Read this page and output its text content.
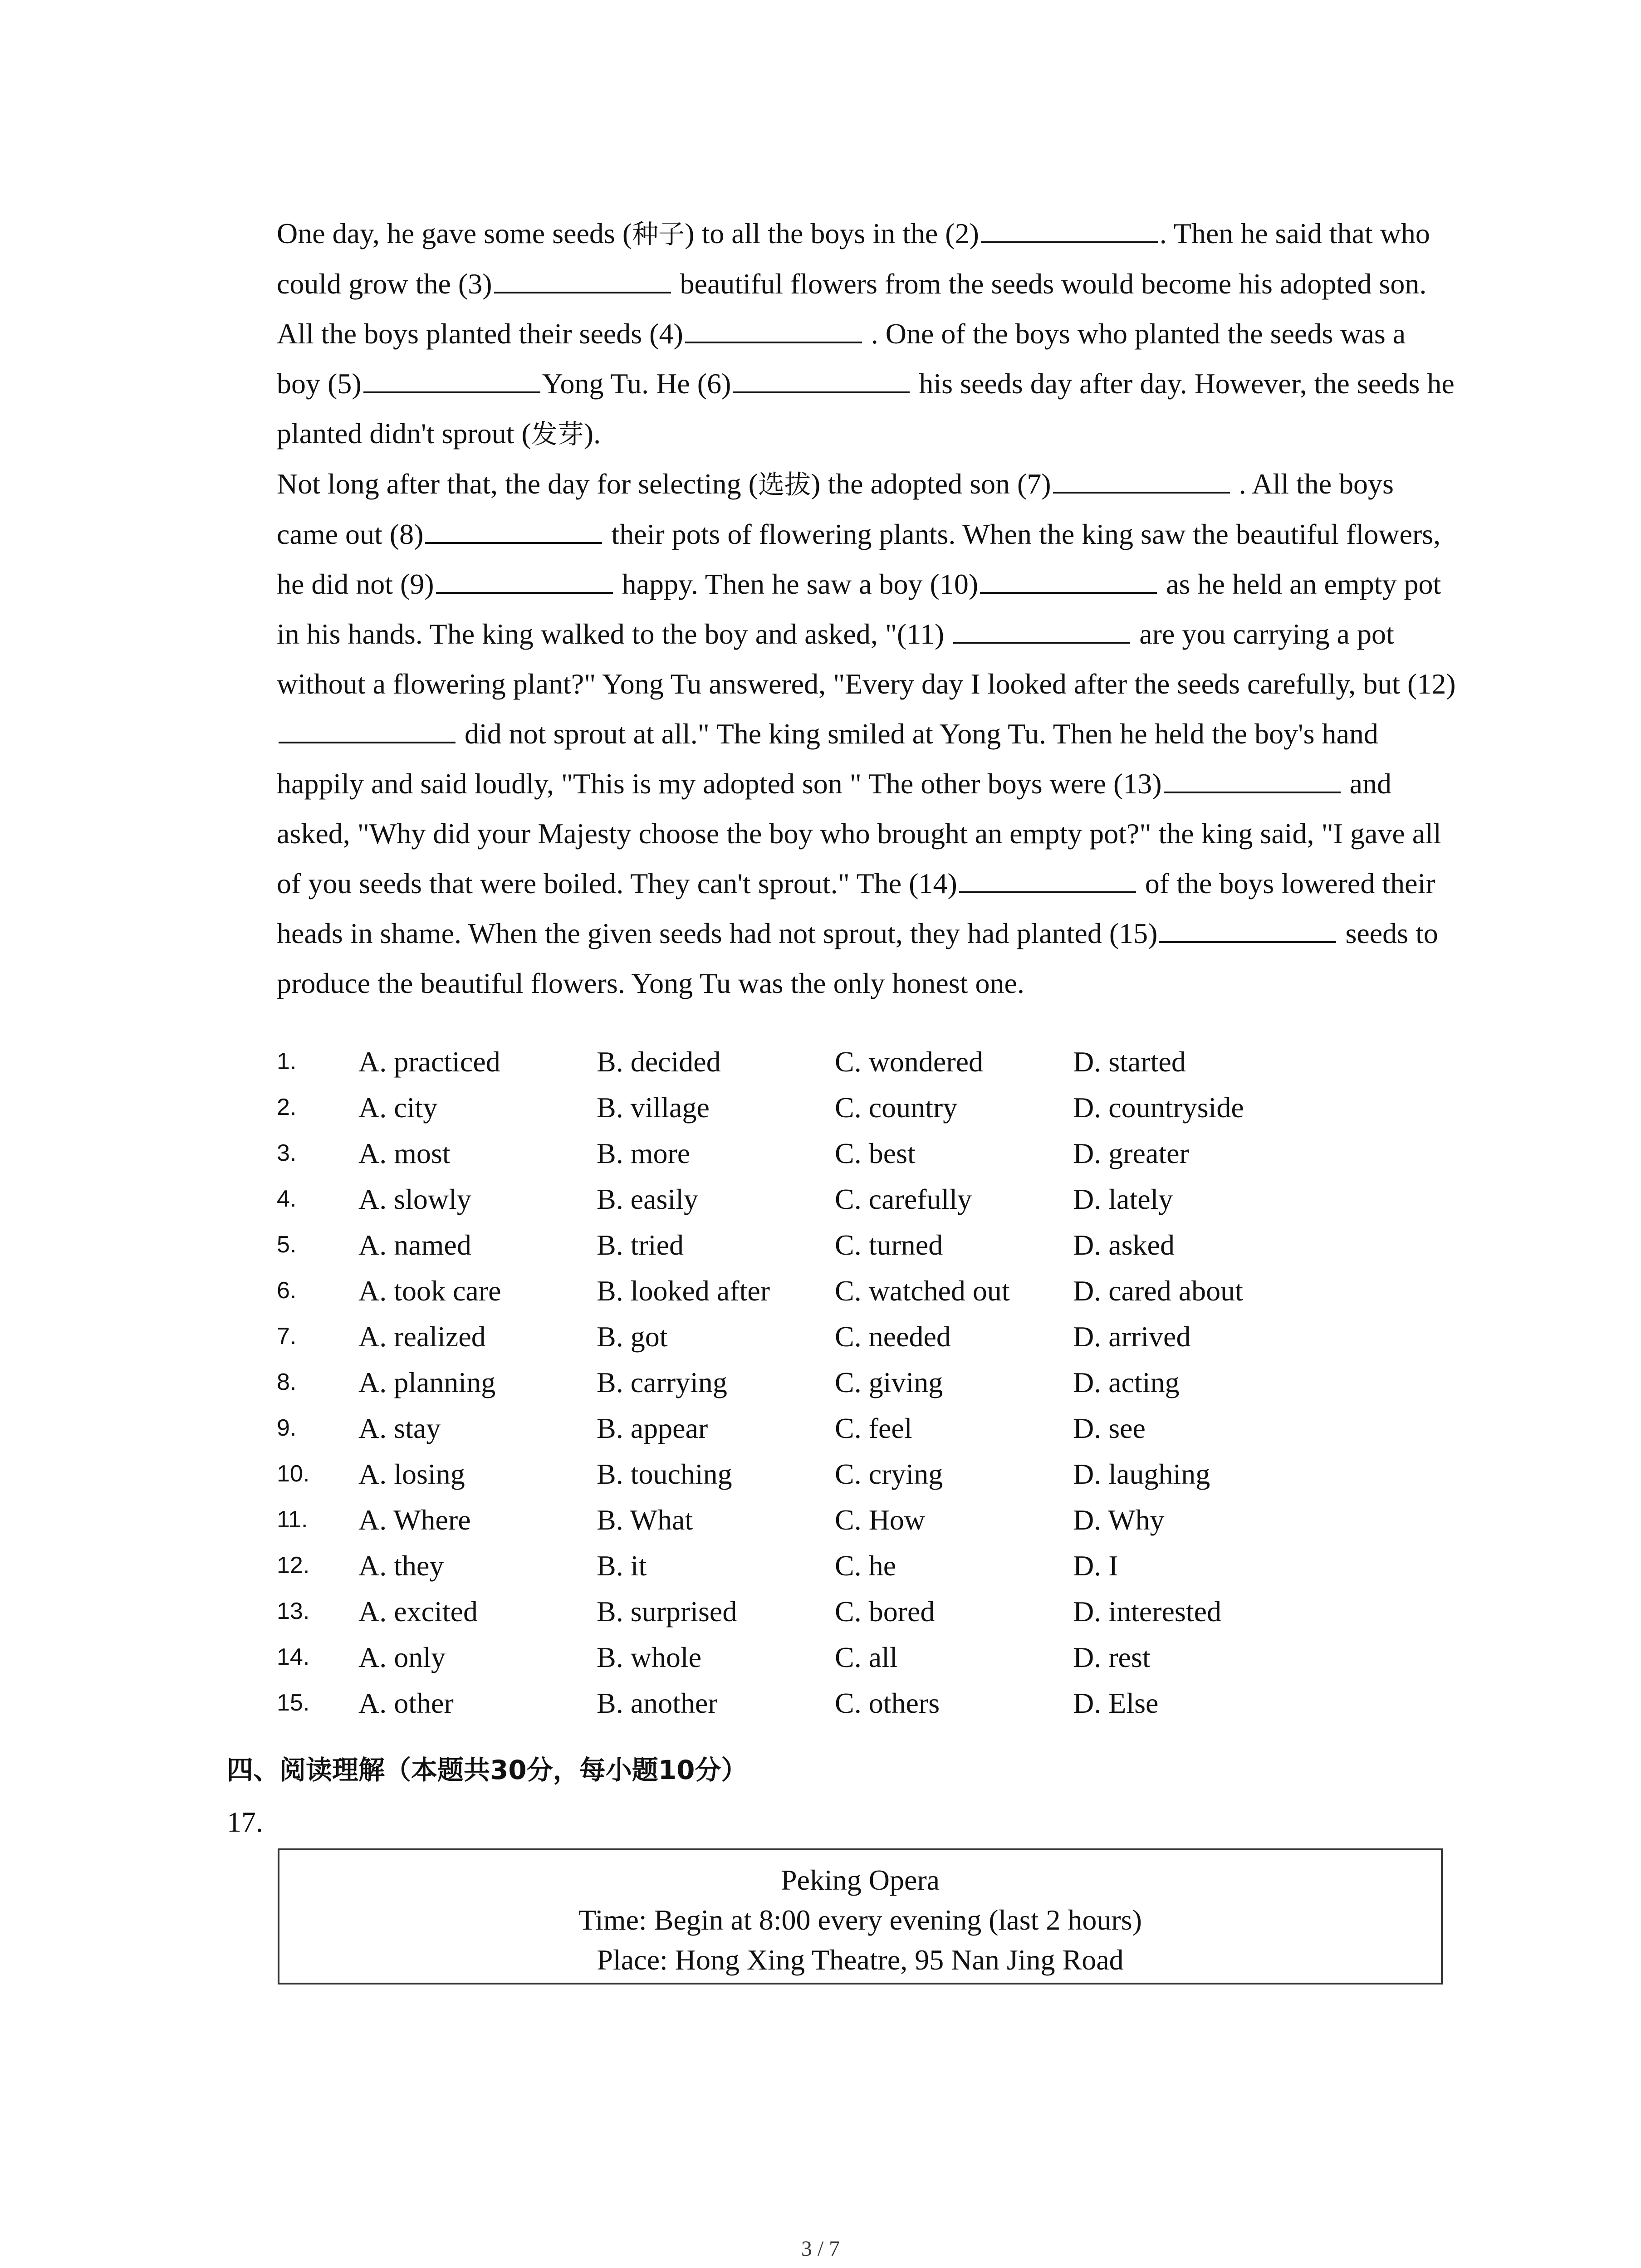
One day, he gave some seeds (种子) to all the boys in the (2)	. Then he said that who could grow the (3)	beautiful flowers from the seeds would become his adopted son. All the boys planted their seeds (4)	. One of the boys who planted the seeds was a boy (5)	Yong Tu. He (6)	his seeds day after day. However, the seeds he planted didn't sprout (发芽).

Not long after that, the day for selecting (选拔) the adopted son (7)	. All the boys came out (8)	their pots of flowering plants. When the king saw the beautiful flowers, he did not (9)	happy. Then he saw a boy (10)	as he held an empty pot in his hands. The king walked to the boy and asked, "(11)	are you carrying a pot without a flowering plant?" Yong Tu answered, "Every day I looked after the seeds carefully, but (12) did not sprout at all." The king smiled at Yong Tu. Then he held the boy's hand happily and said loudly, "This is my adopted son " The other boys were (13)	and asked, "Why did your Majesty choose the boy who brought an empty pot?" the king said, "I gave all of you seeds that were boiled. They can't sprout." The (14)	of the boys lowered their heads in shame. When the given seeds had not sprout, they had planted (15)	seeds to produce the beautiful flowers. Yong Tu was the only honest one.

1. A. practiced	B. decided	C. wondered	D. started
2. A. city	B. village	C. country	D. countryside
3. A. most	B. more	C. best	D. greater
4. A. slowly	B. easily	C. carefully	D. lately
5. A. named	B. tried	C. turned	D. asked
6. A. took care	B. looked after C. watched out D. cared about
7. A. realized	B. got	C. needed	D. arrived
8. A. planning	B. carrying	C. giving	D. acting
9. A. stay	B. appear	C. feel	D. see
10. A. losing	B. touching	C. crying	D. laughing
11. A. Where	B. What	C. How	D. Why
12. A. they	B. it	C. he	D. I
13. A. excited	B. surprised	C. bored	D. interested
14. A. only	B. whole	C. all	D. rest
15. A. other	B. another	C. others	D. Else
四、阅读理解（本题共30分，每小题10分）
17.
Peking Opera
Time: Begin at 8:00 every evening (last 2 hours)
Place: Hong Xing Theatre, 95 Nan Jing Road
3 / 7
